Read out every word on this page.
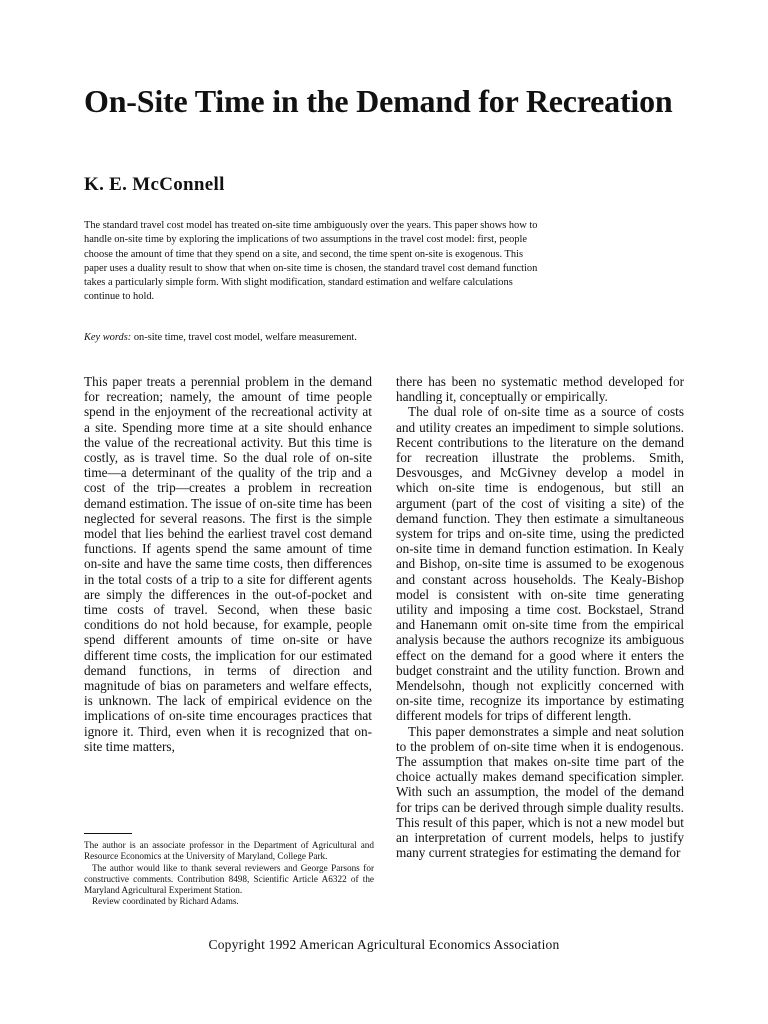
On-Site Time in the Demand for Recreation
K. E. McConnell

The standard travel cost model has treated on-site time ambiguously over the years. This paper shows how to handle on-site time by exploring the implications of two assumptions in the travel cost model: first, people choose the amount of time that they spend on a site, and second, the time spent on-site is exogenous. This paper uses a duality result to show that when on-site time is chosen, the standard travel cost demand function takes a particularly simple form. With slight modification, standard estimation and welfare calculations continue to hold.

Key words: on-site time, travel cost model, welfare measurement.

This paper treats a perennial problem in the demand for recreation; namely, the amount of time people spend in the enjoyment of the recreational activity at a site. Spending more time at a site should enhance the value of the recreational activity. But this time is costly, as is travel time. So the dual role of on-site time—a determinant of the quality of the trip and a cost of the trip—creates a problem in recreation demand estimation. The issue of on-site time has been neglected for several reasons. The first is the simple model that lies behind the earliest travel cost demand functions. If agents spend the same amount of time on-site and have the same time costs, then differences in the total costs of a trip to a site for different agents are simply the differences in the out-of-pocket and time costs of travel. Second, when these basic conditions do not hold because, for example, people spend different amounts of time on-site or have different time costs, the implication for our estimated demand functions, in terms of direction and magnitude of bias on parameters and welfare effects, is unknown. The lack of empirical evidence on the implications of on-site time encourages practices that ignore it. Third, even when it is recognized that on-site time matters,

there has been no systematic method developed for handling it, conceptually or empirically.

The dual role of on-site time as a source of costs and utility creates an impediment to simple solutions. Recent contributions to the literature on the demand for recreation illustrate the problems. Smith, Desvousges, and McGivney develop a model in which on-site time is endogenous, but still an argument (part of the cost of visiting a site) of the demand function. They then estimate a simultaneous system for trips and on-site time, using the predicted on-site time in demand function estimation. In Kealy and Bishop, on-site time is assumed to be exogenous and constant across households. The Kealy-Bishop model is consistent with on-site time generating utility and imposing a time cost. Bockstael, Strand and Hanemann omit on-site time from the empirical analysis because the authors recognize its ambiguous effect on the demand for a good where it enters the budget constraint and the utility function. Brown and Mendelsohn, though not explicitly concerned with on-site time, recognize its importance by estimating different models for trips of different length.

This paper demonstrates a simple and neat solution to the problem of on-site time when it is endogenous. The assumption that makes on-site time part of the choice actually makes demand specification simpler. With such an assumption, the model of the demand for trips can be derived through simple duality results. This result of this paper, which is not a new model but an interpretation of current models, helps to justify many current strategies for estimating the demand for

The author is an associate professor in the Department of Agricultural and Resource Economics at the University of Maryland, College Park.

The author would like to thank several reviewers and George Parsons for constructive comments. Contribution 8498, Scientific Article A6322 of the Maryland Agricultural Experiment Station.

Review coordinated by Richard Adams.

Copyright 1992 American Agricultural Economics Association
